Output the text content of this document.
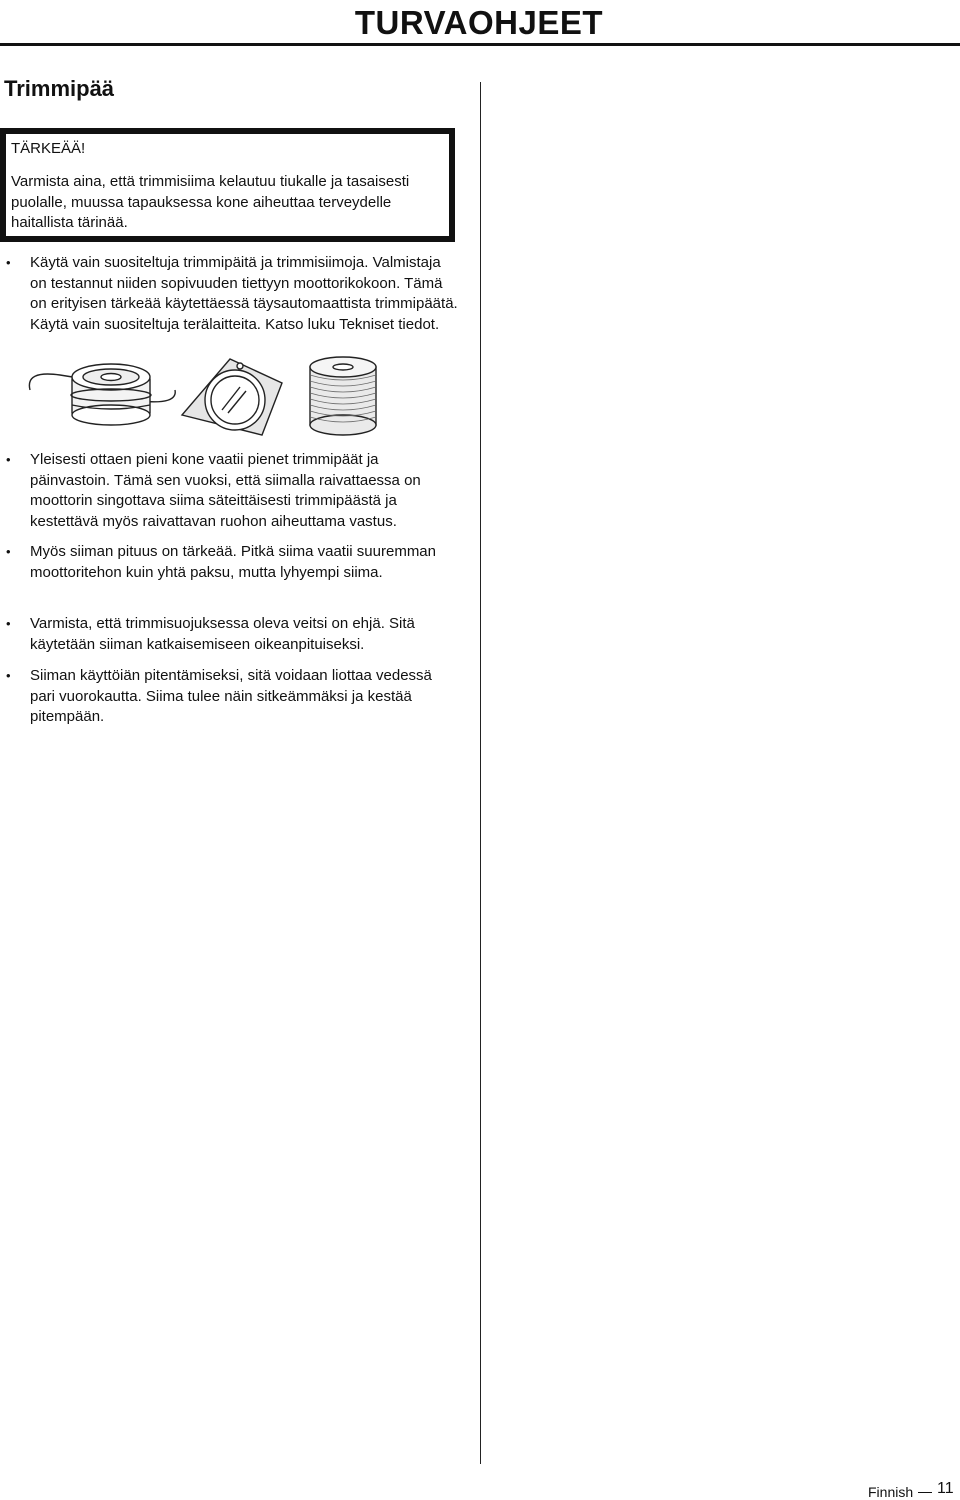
TURVAOHJEET
Trimmipää
TÄRKEÄÄ!
Varmista aina, että trimmisiima kelautuu tiukalle ja tasaisesti puolalle, muussa tapauksessa kone aiheuttaa terveydelle haitallista tärinää.
• Käytä vain suositeltuja trimmipäitä ja trimmisiimoja. Valmistaja on testannut niiden sopivuuden tiettyyn moottorikokoon. Tämä on erityisen tärkeää käytettäessä täysautomaattista trimmipäätä. Käytä vain suositeltuja terälaitteita. Katso luku Tekniset tiedot.
• Yleisesti ottaen pieni kone vaatii pienet trimmipäät ja päinvastoin. Tämä sen vuoksi, että siimalla raivattaessa on moottorin singottava siima säteittäisesti trimmipäästä ja kestettävä myös raivattavan ruohon aiheuttama vastus.
• Myös siiman pituus on tärkeää. Pitkä siima vaatii suuremman moottoritehon kuin yhtä paksu, mutta lyhyempi siima.
• Varmista, että trimmisuojuksessa oleva veitsi on ehjä. Sitä käytetään siiman katkaisemiseen oikeanpituiseksi.
• Siiman käyttöiän pitentämiseksi, sitä voidaan liottaa vedessä pari vuorokautta. Siima tulee näin sitkeämmäksi ja kestää pitempään.
Finnish 11
